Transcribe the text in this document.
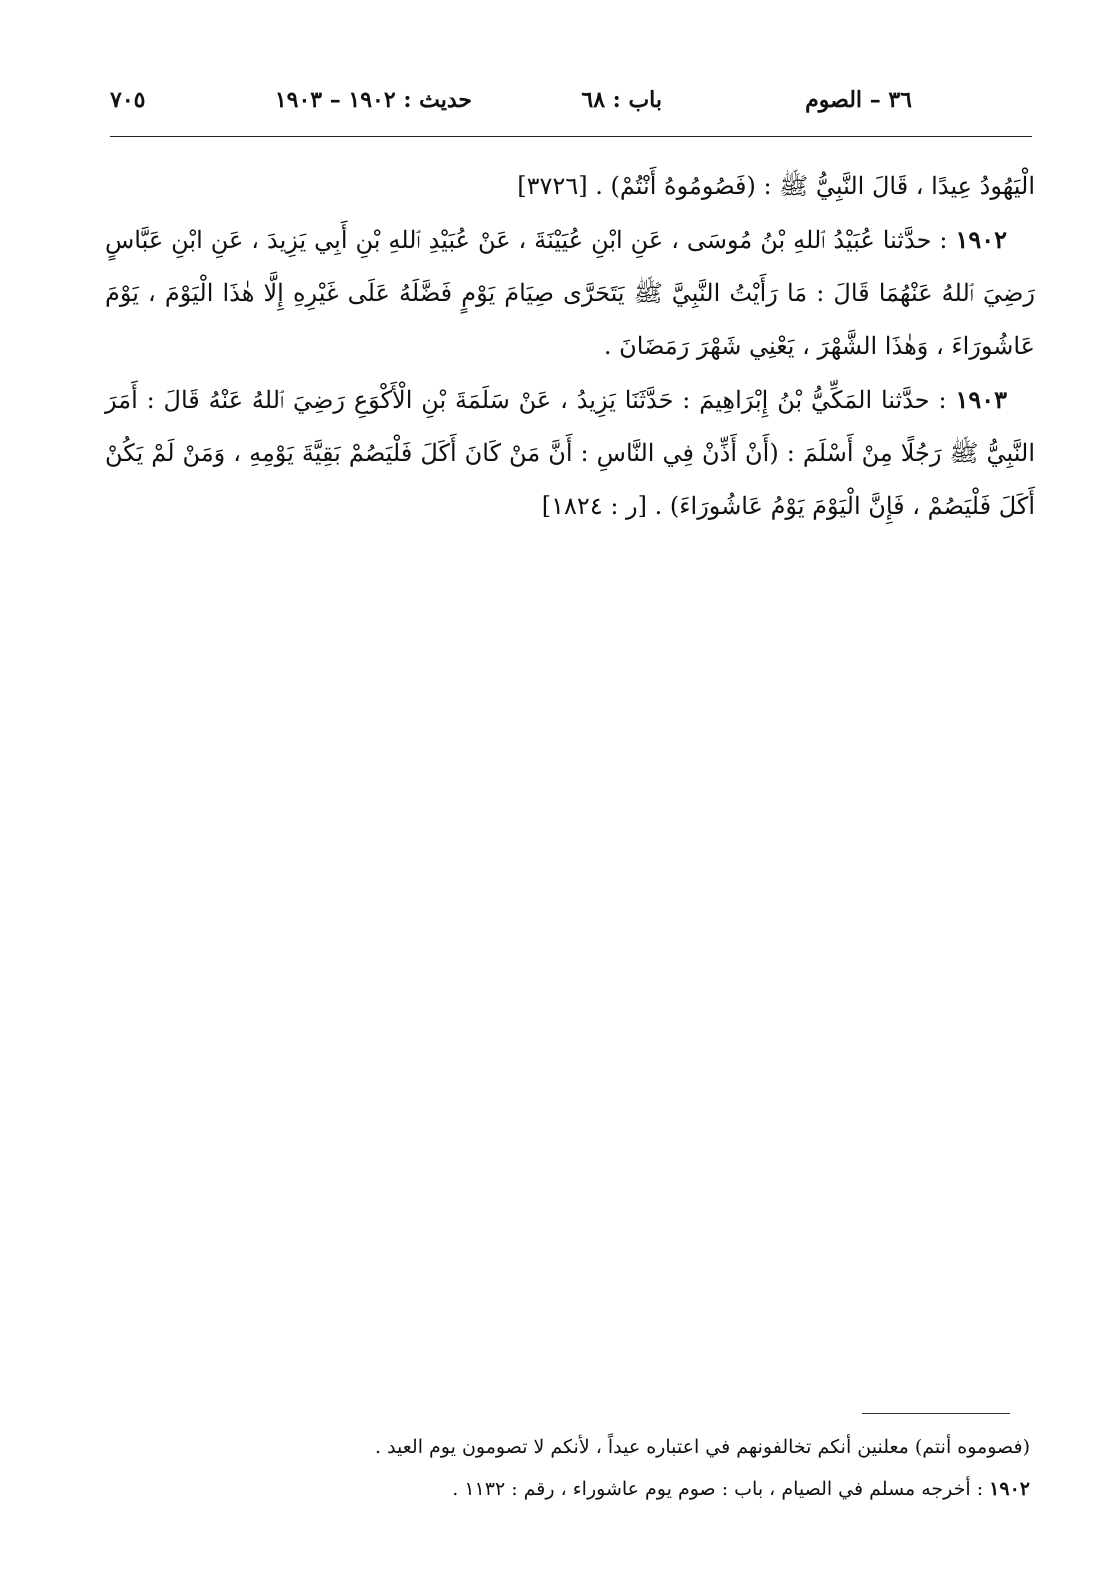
٣٦ – الصوم
باب : ٦٨
حديث : ١٩٠٢ – ١٩٠٣
٧٠٥

الْيَهُودُ عِيدًا ، قَالَ النَّبِيُّ ﷺ : (فَصُومُوهُ أَنْتُمْ) . [٣٧٢٦]

١٩٠٢ : حدَّثنا عُبَيْدُ ٱللهِ بْنُ مُوسَى ، عَنِ ابْنِ عُيَيْنَةَ ، عَنْ عُبَيْدِ ٱللهِ بْنِ أَبِي يَزِيدَ ، عَنِ ابْنِ عَبَّاسٍ رَضِيَ ٱللهُ عَنْهُمَا قَالَ : مَا رَأَيْتُ النَّبِيَّ ﷺ يَتَحَرَّى صِيَامَ يَوْمٍ فَضَّلَهُ عَلَى غَيْرِهِ إِلَّا هٰذَا الْيَوْمَ ، يَوْمَ عَاشُورَاءَ ، وَهٰذَا الشَّهْرَ ، يَعْنِي شَهْرَ رَمَضَانَ .

١٩٠٣ : حدَّثنا المَكِّيُّ بْنُ إِبْرَاهِيمَ : حَدَّثَنَا يَزِيدُ ، عَنْ سَلَمَةَ بْنِ الْأَكْوَعِ رَضِيَ ٱللهُ عَنْهُ قَالَ : أَمَرَ النَّبِيُّ ﷺ رَجُلًا مِنْ أَسْلَمَ : (أَنْ أَذِّنْ فِي النَّاسِ : أَنَّ مَنْ كَانَ أَكَلَ فَلْيَصُمْ بَقِيَّةَ يَوْمِهِ ، وَمَنْ لَمْ يَكُنْ أَكَلَ فَلْيَصُمْ ، فَإِنَّ الْيَوْمَ يَوْمُ عَاشُورَاءَ) . [ر : ١٨٢٤]

(فصوموه أنتم) معلنين أنكم تخالفونهم في اعتباره عيداً ، لأنكم لا تصومون يوم العيد .

١٩٠٢ : أخرجه مسلم في الصيام ، باب : صوم يوم عاشوراء ، رقم : ١١٣٢ .
